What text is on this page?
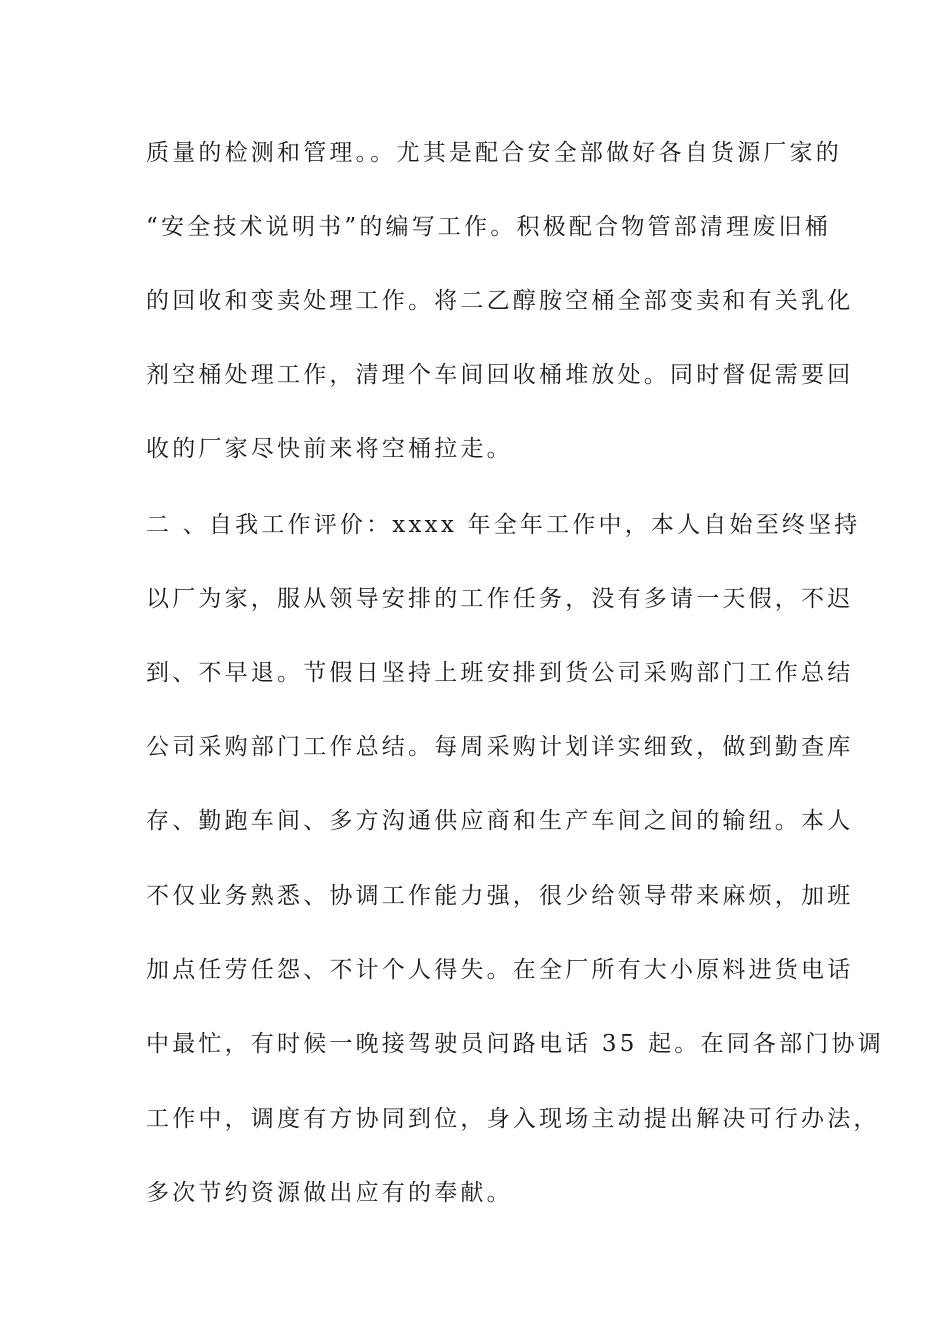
质量的检测和管理。。尤其是配合安全部做好各自货源厂家的
“安全技术说明书”的编写工作。积极配合物管部清理废旧桶
的回收和变卖处理工作。将二乙醇胺空桶全部变卖和有关乳化
剂空桶处理工作，清理个车间回收桶堆放处。同时督促需要回
收的厂家尽快前来将空桶拉走。
二 、自我工作评价：xxxx 年全年工作中，本人自始至终坚持
以厂为家，服从领导安排的工作任务，没有多请一天假，不迟
到、不早退。节假日坚持上班安排到货公司采购部门工作总结
公司采购部门工作总结。每周采购计划详实细致，做到勤查库
存、勤跑车间、多方沟通供应商和生产车间之间的输纽。本人
不仅业务熟悉、协调工作能力强，很少给领导带来麻烦，加班
加点任劳任怨、不计个人得失。在全厂所有大小原料进货电话
中最忙，有时候一晚接驾驶员问路电话 35 起。在同各部门协调
工作中，调度有方协同到位，身入现场主动提出解决可行办法，
多次节约资源做出应有的奉献。
